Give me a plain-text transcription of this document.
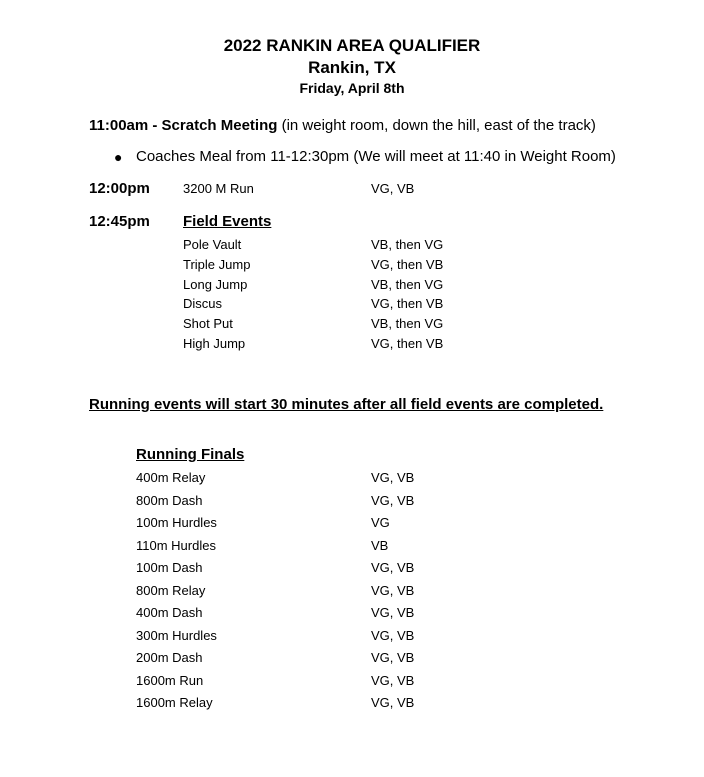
2022 RANKIN AREA QUALIFIER
Rankin, TX
Friday, April 8th
11:00am - Scratch Meeting (in weight room, down the hill, east of the track)
● Coaches Meal from 11-12:30pm (We will meet at 11:40 in Weight Room)
12:00pm	3200 M Run	VG, VB
12:45pm Field Events
Pole Vault	VB, then VG
Triple Jump	VG, then VB
Long Jump	VB, then VG
Discus	VG, then VB
Shot Put	VB, then VG
High Jump	VG, then VB
Running events will start 30 minutes after all field events are completed.
Running Finals
400m Relay	VG, VB
800m Dash	VG, VB
100m Hurdles	VG
110m Hurdles	VB
100m Dash	VG, VB
800m Relay	VG, VB
400m Dash	VG, VB
300m Hurdles	VG, VB
200m Dash	VG, VB
1600m Run	VG, VB
1600m Relay	VG, VB
